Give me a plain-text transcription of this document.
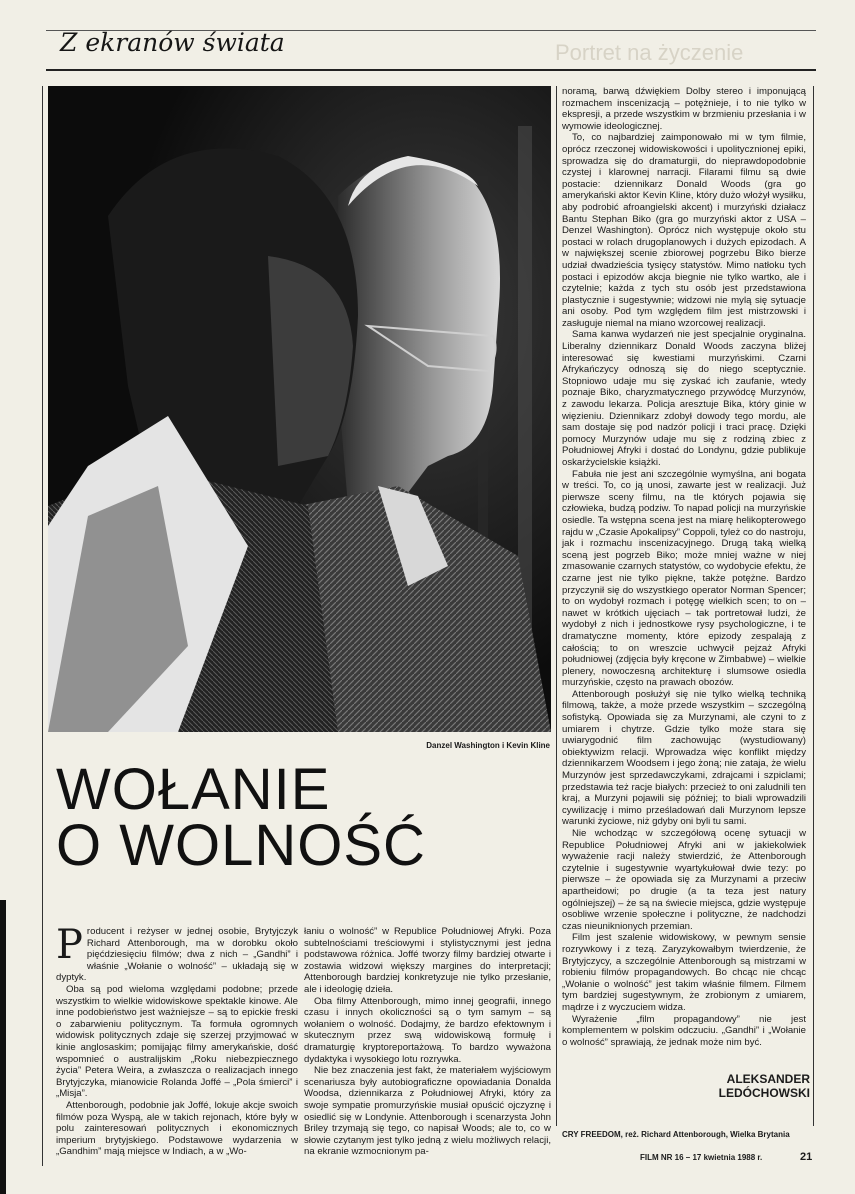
Portret na życzenie
Z ekranów świata
Danzel Washington i Kevin Kline
WOŁANIE
O WOLNOŚĆ

Producent i reżyser w jednej osobie, Brytyjczyk Richard Attenborough, ma w dorobku około pięćdziesięciu filmów; dwa z nich – „Gandhi” i właśnie „Wołanie o wolność” – układają się w dyptyk.

Oba są pod wieloma względami podobne; przede wszystkim to wielkie widowiskowe spektakle kinowe. Ale inne podobieństwo jest ważniejsze – są to epickie freski o zabarwieniu politycznym. Ta formuła ogromnych widowisk politycznych zdaje się szerzej przyjmować w kinie anglosaskim; pomijając filmy amerykańskie, dość wspomnieć o australijskim „Roku niebezpiecznego życia” Petera Weira, a zwłaszcza o realizacjach innego Brytyjczyka, mianowicie Rolanda Joffé – „Pola śmierci” i „Misja”.

Attenborough, podobnie jak Joffé, lokuje akcje swoich filmów poza Wyspą, ale w takich rejonach, które były w polu zainteresowań politycznych i ekonomicznych imperium brytyjskiego. Podstawowe wydarzenia w „Gandhim” mają miejsce w Indiach, a w „Wo-

łaniu o wolność” w Republice Południowej Afryki. Poza subtelnościami treściowymi i stylistycznymi jest jedna podstawowa różnica. Joffé tworzy filmy bardziej otwarte i zostawia widzowi większy margines do interpretacji; Attenborough bardziej konkretyzuje nie tylko przesłanie, ale i ideologię dzieła.

Oba filmy Attenborough, mimo innej geografii, innego czasu i innych okoliczności są o tym samym – są wołaniem o wolność. Dodajmy, że bardzo efektownym i skutecznym przez swą widowiskową formułę i dramaturgię kryptoreportażową. To bardzo wyważona dydaktyka i wysokiego lotu rozrywka.

Nie bez znaczenia jest fakt, że materiałem wyjściowym scenariusza były autobiograficzne opowiadania Donalda Woodsa, dziennikarza z Południowej Afryki, który za swoje sympatie promurzyńskie musiał opuścić ojczyznę i osiedlić się w Londynie. Attenborough i scenarzysta John Briley trzymają się tego, co napisał Woods; ale to, co w słowie czytanym jest tylko jedną z wielu możliwych relacji, na ekranie wzmocnionym pa-

noramą, barwą dźwiękiem Dolby stereo i imponującą rozmachem inscenizacją – potężnieje, i to nie tylko w ekspresji, a przede wszystkim w brzmieniu przesłania i w wymowie ideologicznej.

To, co najbardziej zaimponowało mi w tym filmie, oprócz rzeczonej widowiskowości i upolitycznionej epiki, sprowadza się do dramaturgii, do nieprawdopodobnie czystej i klarownej narracji. Filarami filmu są dwie postacie: dziennikarz Donald Woods (gra go amerykański aktor Kevin Kline, który dużo włożył wysiłku, aby podrobić afroangielski akcent) i murzyński działacz Bantu Stephan Biko (gra go murzyński aktor z USA – Denzel Washington). Oprócz nich występuje około stu postaci w rolach drugoplanowych i dużych epizodach. A w największej scenie zbiorowej pogrzebu Biko bierze udział dwadzieścia tysięcy statystów. Mimo natłoku tych postaci i epizodów akcja biegnie nie tylko wartko, ale i czytelnie; każda z tych stu osób jest przedstawiona plastycznie i sugestywnie; widzowi nie mylą się sytuacje ani osoby. Pod tym względem film jest mistrzowski i zasługuje niemal na miano wzorcowej realizacji.

Sama kanwa wydarzeń nie jest specjalnie oryginalna. Liberalny dziennikarz Donald Woods zaczyna bliżej interesować się kwestiami murzyńskimi. Czarni Afrykańczycy odnoszą się do niego sceptycznie. Stopniowo udaje mu się zyskać ich zaufanie, wtedy poznaje Biko, charyzmatycznego przywódcę Murzynów, z zawodu lekarza. Policja aresztuje Bika, który ginie w więzieniu. Dziennikarz zdobył dowody tego mordu, ale sam dostaje się pod nadzór policji i traci pracę. Dzięki pomocy Murzynów udaje mu się z rodziną zbiec z Południowej Afryki i dostać do Londynu, gdzie publikuje oskarżycielskie książki.

Fabuła nie jest ani szczególnie wymyślna, ani bogata w treści. To, co ją unosi, zawarte jest w realizacji. Już pierwsze sceny filmu, na tle których pojawia się człowieka, budzą podziw. To napad policji na murzyńskie osiedle. Ta wstępna scena jest na miarę helikopterowego rajdu w „Czasie Apokalipsy” Coppoli, tyleż co do nastroju, jak i rozmachu inscenizacyjnego. Drugą taką wielką sceną jest pogrzeb Biko; może mniej ważne w niej zmasowanie czarnych statystów, co wydobycie efektu, że czarne jest nie tylko piękne, także potężne. Bardzo przyczynił się do wszystkiego operator Norman Spencer; to on wydobył rozmach i potęgę wielkich scen; to on – nawet w krótkich ujęciach – tak portretował ludzi, że wydobył z nich i jednostkowe rysy psychologiczne, i te dramatyczne momenty, które epizody zespalają z całością; to on wreszcie uchwycił pejzaż Afryki południowej (zdjęcia były kręcone w Zimbabwe) – wielkie plenery, nowoczesną architekturę i slumsowe osiedla murzyńskie, często na prawach obozów.

Attenborough posłużył się nie tylko wielką techniką filmową, także, a może przede wszystkim – szczególną sofistyką. Opowiada się za Murzynami, ale czyni to z umiarem i chytrze. Gdzie tylko może stara się uwiarygodnić film zachowując (wystudiowany) obiektywizm relacji. Wprowadza więc konflikt między dziennikarzem Woodsem i jego żoną; nie zataja, że wielu Murzynów jest sprzedawczykami, zdrajcami i szpiclami; przedstawia też racje białych: przecież to oni zaludnili ten kraj, a Murzyni pojawili się później; to biali wprowadzili cywilizację i mimo prześladowań dali Murzynom lepsze warunki życiowe, niż gdyby oni byli tu sami.

Nie wchodząc w szczegółową ocenę sytuacji w Republice Południowej Afryki ani w jakiekolwiek wyważenie racji należy stwierdzić, że Attenborough czytelnie i sugestywnie wyartykułował dwie tezy: po pierwsze – że opowiada się za Murzynami a przeciw apartheidowi; po drugie (a ta teza jest natury ogólniejszej) – że są na świecie miejsca, gdzie występuje osobliwe wrzenie społeczne i polityczne, że nadchodzi czas nieuniknionych przemian.

Film jest szalenie widowiskowy, w pewnym sensie rozrywkowy i z tezą. Zaryzykowałbym twierdzenie, że Brytyjczycy, a szczególnie Attenborough są mistrzami w robieniu filmów propagandowych. Bo chcąc nie chcąc „Wołanie o wolność” jest takim właśnie filmem. Filmem tym bardziej sugestywnym, że zrobionym z umiarem, mądrze i z wyczuciem widza.

Wyrażenie „film propagandowy” nie jest komplementem w polskim odczuciu. „Gandhi” i „Wołanie o wolność” sprawiają, że jednak może nim być.

ALEKSANDER
LEDÓCHOWSKI
CRY FREEDOM, reż. Richard Attenborough, Wielka Brytania
FILM NR 16 – 17 kwietnia 1988 r.	21
